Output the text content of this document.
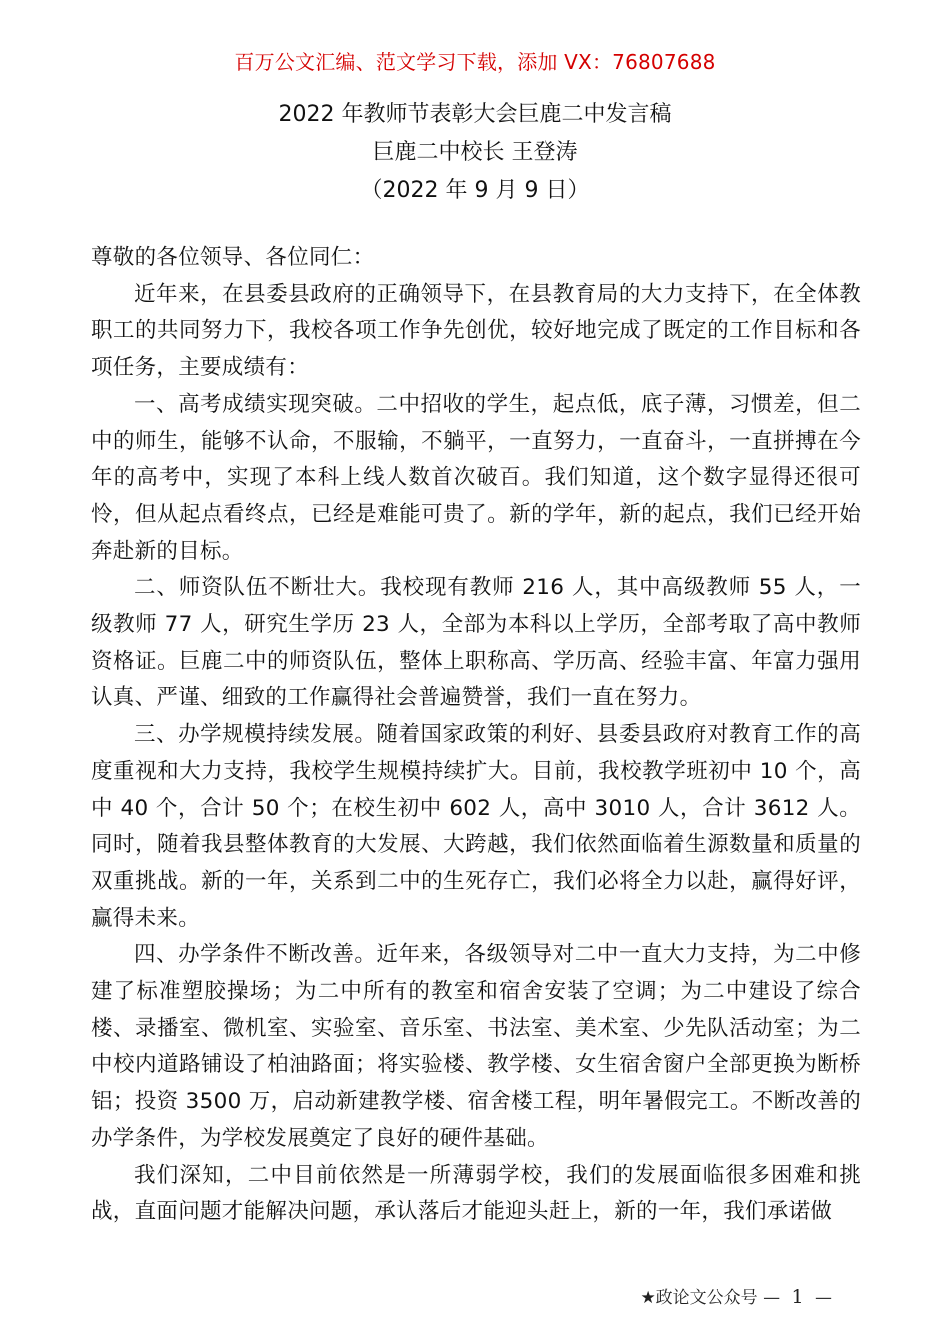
百万公文汇编、范文学习下载，添加 VX：76807688
2022 年教师节表彰大会巨鹿二中发言稿
巨鹿二中校长 王登涛
（2022 年 9 月 9 日）

尊敬的各位领导、各位同仁：

近年来，在县委县政府的正确领导下，在县教育局的大力支持下，在全体教职工的共同努力下，我校各项工作争先创优，较好地完成了既定的工作目标和各项任务，主要成绩有：

一、高考成绩实现突破。二中招收的学生，起点低，底子薄，习惯差，但二中的师生，能够不认命，不服输，不躺平，一直努力，一直奋斗，一直拼搏在今年的高考中，实现了本科上线人数首次破百。我们知道，这个数字显得还很可怜，但从起点看终点，已经是难能可贵了。新的学年，新的起点，我们已经开始奔赴新的目标。

二、师资队伍不断壮大。我校现有教师 216 人，其中高级教师 55 人，一级教师 77 人，研究生学历 23 人，全部为本科以上学历，全部考取了高中教师资格证。巨鹿二中的师资队伍，整体上职称高、学历高、经验丰富、年富力强用认真、严谨、细致的工作赢得社会普遍赞誉，我们一直在努力。

三、办学规模持续发展。随着国家政策的利好、县委县政府对教育工作的高度重视和大力支持，我校学生规模持续扩大。目前，我校教学班初中 10 个，高中 40 个，合计 50 个；在校生初中 602 人，高中 3010 人，合计 3612 人。同时，随着我县整体教育的大发展、大跨越，我们依然面临着生源数量和质量的双重挑战。新的一年，关系到二中的生死存亡，我们必将全力以赴，赢得好评，赢得未来。

四、办学条件不断改善。近年来，各级领导对二中一直大力支持，为二中修建了标准塑胶操场；为二中所有的教室和宿舍安装了空调；为二中建设了综合楼、录播室、微机室、实验室、音乐室、书法室、美术室、少先队活动室；为二中校内道路铺设了柏油路面；将实验楼、教学楼、女生宿舍窗户全部更换为断桥铝；投资 3500 万，启动新建教学楼、宿舍楼工程，明年暑假完工。不断改善的办学条件，为学校发展奠定了良好的硬件基础。

我们深知，二中目前依然是一所薄弱学校，我们的发展面临很多困难和挑战，直面问题才能解决问题，承认落后才能迎头赶上，新的一年，我们承诺做

★政论文公众号 — 1 —
